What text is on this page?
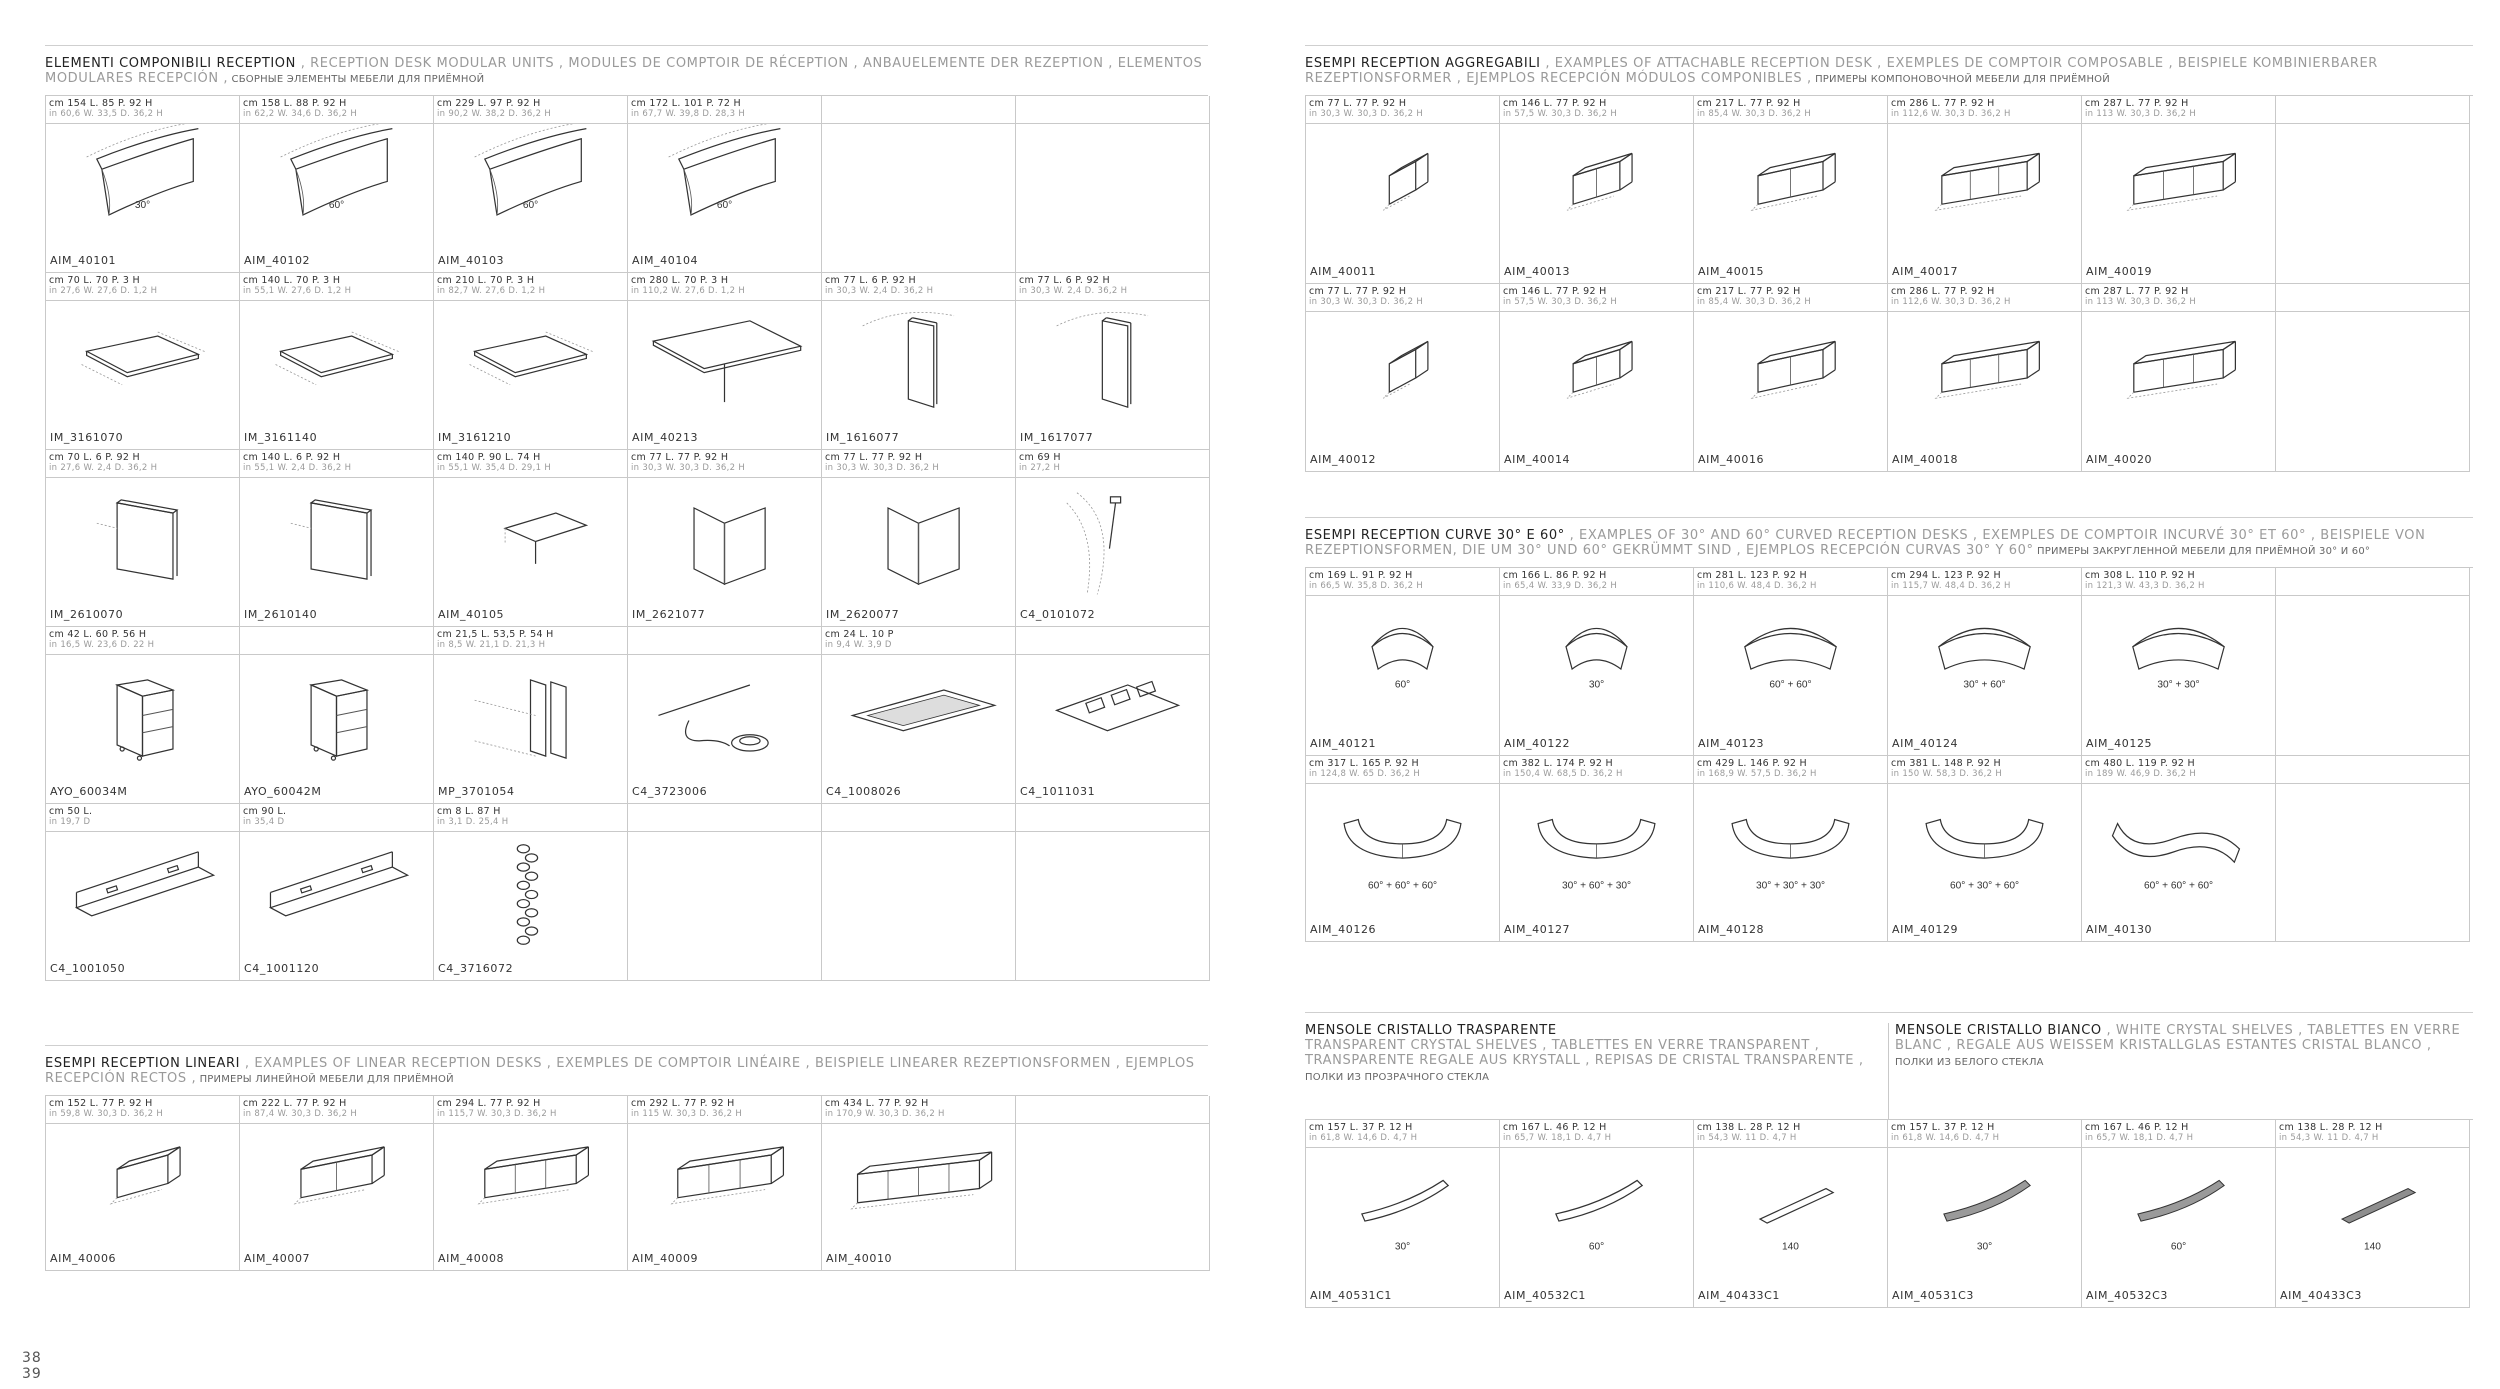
ELEMENTI COMPONIBILI RECEPTION , RECEPTION DESK MODULAR UNITS , MODULES DE COMPTOIR DE RÉCEPTION , ANBAUELEMENTE DER REZEPTION , ELEMENTOS MODULARES RECEPCIÓN , СБОРНЫЕ ЭЛЕМЕНТЫ МЕБЕЛИ ДЛЯ ПРИЁМНОЙ
cm 154 L. 85 P. 92 H
in 60,6 W. 33,5 D. 36,2 H
30°
AIM_40101
cm 158 L. 88 P. 92 H
in 62,2 W. 34,6 D. 36,2 H
60°
AIM_40102
cm 229 L. 97 P. 92 H
in 90,2 W. 38,2 D. 36,2 H
60°
AIM_40103
cm 172 L. 101 P. 72 H
in 67,7 W. 39,8 D. 28,3 H
60°
AIM_40104
cm 70 L. 70 P. 3 H
in 27,6 W. 27,6 D. 1,2 H
IM_3161070
cm 140 L. 70 P. 3 H
in 55,1 W. 27,6 D. 1,2 H
IM_3161140
cm 210 L. 70 P. 3 H
in 82,7 W. 27,6 D. 1,2 H
IM_3161210
cm 280 L. 70 P. 3 H
in 110,2 W. 27,6 D. 1,2 H
AIM_40213
cm 77 L. 6 P. 92 H
in 30,3 W. 2,4 D. 36,2 H
IM_1616077
cm 77 L. 6 P. 92 H
in 30,3 W. 2,4 D. 36,2 H
IM_1617077
cm 70 L. 6 P. 92 H
in 27,6 W. 2,4 D. 36,2 H
IM_2610070
cm 140 L. 6 P. 92 H
in 55,1 W. 2,4 D. 36,2 H
IM_2610140
cm 140 P. 90 L. 74 H
in 55,1 W. 35,4 D. 29,1 H
AIM_40105
cm 77 L. 77 P. 92 H
in 30,3 W. 30,3 D. 36,2 H
IM_2621077
cm 77 L. 77 P. 92 H
in 30,3 W. 30,3 D. 36,2 H
IM_2620077
cm 69 H
in 27,2 H
C4_0101072
cm 42 L. 60 P. 56 H
in 16,5 W. 23,6 D. 22 H
AYO_60034M	AYO_60042M
cm 21,5 L. 53,5 P. 54 H
in 8,5 W. 21,1 D. 21,3 H
MP_3701054	C4_3723006
cm 24 L. 10 P
in 9,4 W. 3,9 D
C4_1008026	C4_1011031
cm 50 L.
in 19,7 D
C4_1001050
cm 90 L.
in 35,4 D
C4_1001120
cm 8 L. 87 H
in 3,1 D. 25,4 H
C4_3716072
ESEMPI RECEPTION LINEARI , EXAMPLES OF LINEAR RECEPTION DESKS , EXEMPLES DE COMPTOIR LINÉAIRE , BEISPIELE LINEARER REZEPTIONSFORMEN , EJEMPLOS RECEPCIÓN RECTOS , ПРИМЕРЫ ЛИНЕЙНОЙ МЕБЕЛИ ДЛЯ ПРИЁМНОЙ
cm 152 L. 77 P. 92 H
in 59,8 W. 30,3 D. 36,2 H
AIM_40006
cm 222 L. 77 P. 92 H
in 87,4 W. 30,3 D. 36,2 H
AIM_40007
cm 294 L. 77 P. 92 H
in 115,7 W. 30,3 D. 36,2 H
AIM_40008
cm 292 L. 77 P. 92 H
in 115 W. 30,3 D. 36,2 H
AIM_40009
cm 434 L. 77 P. 92 H
in 170,9 W. 30,3 D. 36,2 H
AIM_40010
38
39
ESEMPI RECEPTION AGGREGABILI , EXAMPLES OF ATTACHABLE RECEPTION DESK , EXEMPLES DE COMPTOIR COMPOSABLE , BEISPIELE KOMBINIERBARER REZEPTIONSFORMER , EJEMPLOS RECEPCIÓN MÓDULOS COMPONIBLES , ПРИМЕРЫ КОМПОНОВОЧНОЙ МЕБЕЛИ ДЛЯ ПРИЁМНОЙ
cm 77 L. 77 P. 92 H
in 30,3 W. 30,3 D. 36,2 H
AIM_40011
cm 146 L. 77 P. 92 H
in 57,5 W. 30,3 D. 36,2 H
AIM_40013
cm 217 L. 77 P. 92 H
in 85,4 W. 30,3 D. 36,2 H
AIM_40015
cm 286 L. 77 P. 92 H
in 112,6 W. 30,3 D. 36,2 H
AIM_40017
cm 287 L. 77 P. 92 H
in 113 W. 30,3 D. 36,2 H
AIM_40019
cm 77 L. 77 P. 92 H
in 30,3 W. 30,3 D. 36,2 H
AIM_40012
cm 146 L. 77 P. 92 H
in 57,5 W. 30,3 D. 36,2 H
AIM_40014
cm 217 L. 77 P. 92 H
in 85,4 W. 30,3 D. 36,2 H
AIM_40016
cm 286 L. 77 P. 92 H
in 112,6 W. 30,3 D. 36,2 H
AIM_40018
cm 287 L. 77 P. 92 H
in 113 W. 30,3 D. 36,2 H
AIM_40020
ESEMPI RECEPTION CURVE 30° E 60° , EXAMPLES OF 30° AND 60° CURVED RECEPTION DESKS , EXEMPLES DE COMPTOIR INCURVÉ 30° ET 60° , BEISPIELE VON REZEPTIONSFORMEN, DIE UM 30° UND 60° GEKRÜMMT SIND , EJEMPLOS RECEPCIÓN CURVAS 30° Y 60° ПРИМЕРЫ ЗАКРУГЛЕННОЙ МЕБЕЛИ ДЛЯ ПРИЁМНОЙ 30° И 60°
cm 169 L. 91 P. 92 H
in 66,5 W. 35,8 D. 36,2 H
60°
AIM_40121
cm 166 L. 86 P. 92 H
in 65,4 W. 33,9 D. 36,2 H
30°
AIM_40122
cm 281 L. 123 P. 92 H
in 110,6 W. 48,4 D. 36,2 H
60° + 60°
AIM_40123
cm 294 L. 123 P. 92 H
in 115,7 W. 48,4 D. 36,2 H
30° + 60°
AIM_40124
cm 308 L. 110 P. 92 H
in 121,3 W. 43,3 D. 36,2 H
30° + 30°
AIM_40125
cm 317 L. 165 P. 92 H
in 124,8 W. 65 D. 36,2 H
60° + 60° + 60°
AIM_40126
cm 382 L. 174 P. 92 H
in 150,4 W. 68,5 D. 36,2 H
30° + 60° + 30°
AIM_40127
cm 429 L. 146 P. 92 H
in 168,9 W. 57,5 D. 36,2 H
30° + 30° + 30°
AIM_40128
cm 381 L. 148 P. 92 H
in 150 W. 58,3 D. 36,2 H
60° + 30° + 60°
AIM_40129
cm 480 L. 119 P. 92 H
in 189 W. 46,9 D. 36,2 H
60° + 60° + 60°
AIM_40130
MENSOLE CRISTALLO TRASPARENTE
TRANSPARENT CRYSTAL SHELVES , TABLETTES EN VERRE TRANSPARENT , TRANSPARENTE REGALE AUS KRYSTALL , REPISAS DE CRISTAL TRANSPARENTE , ПОЛКИ ИЗ ПРОЗРАЧНОГО СТЕКЛА
MENSOLE CRISTALLO BIANCO , WHITE CRYSTAL SHELVES , TABLETTES EN VERRE BLANC , REGALE AUS WEISSEM KRISTALLGLAS ESTANTES CRISTAL BLANCO , ПОЛКИ ИЗ БЕЛОГО СТЕКЛА
cm 157 L. 37 P. 12 H
in 61,8 W. 14,6 D. 4,7 H
30°
AIM_40531C1
cm 167 L. 46 P. 12 H
in 65,7 W. 18,1 D. 4,7 H
60°
AIM_40532C1
cm 138 L. 28 P. 12 H
in 54,3 W. 11 D. 4,7 H
140
AIM_40433C1
cm 157 L. 37 P. 12 H
in 61,8 W. 14,6 D. 4,7 H
30°
AIM_40531C3
cm 167 L. 46 P. 12 H
in 65,7 W. 18,1 D. 4,7 H
60°
AIM_40532C3
cm 138 L. 28 P. 12 H
in 54,3 W. 11 D. 4,7 H
140
AIM_40433C3
